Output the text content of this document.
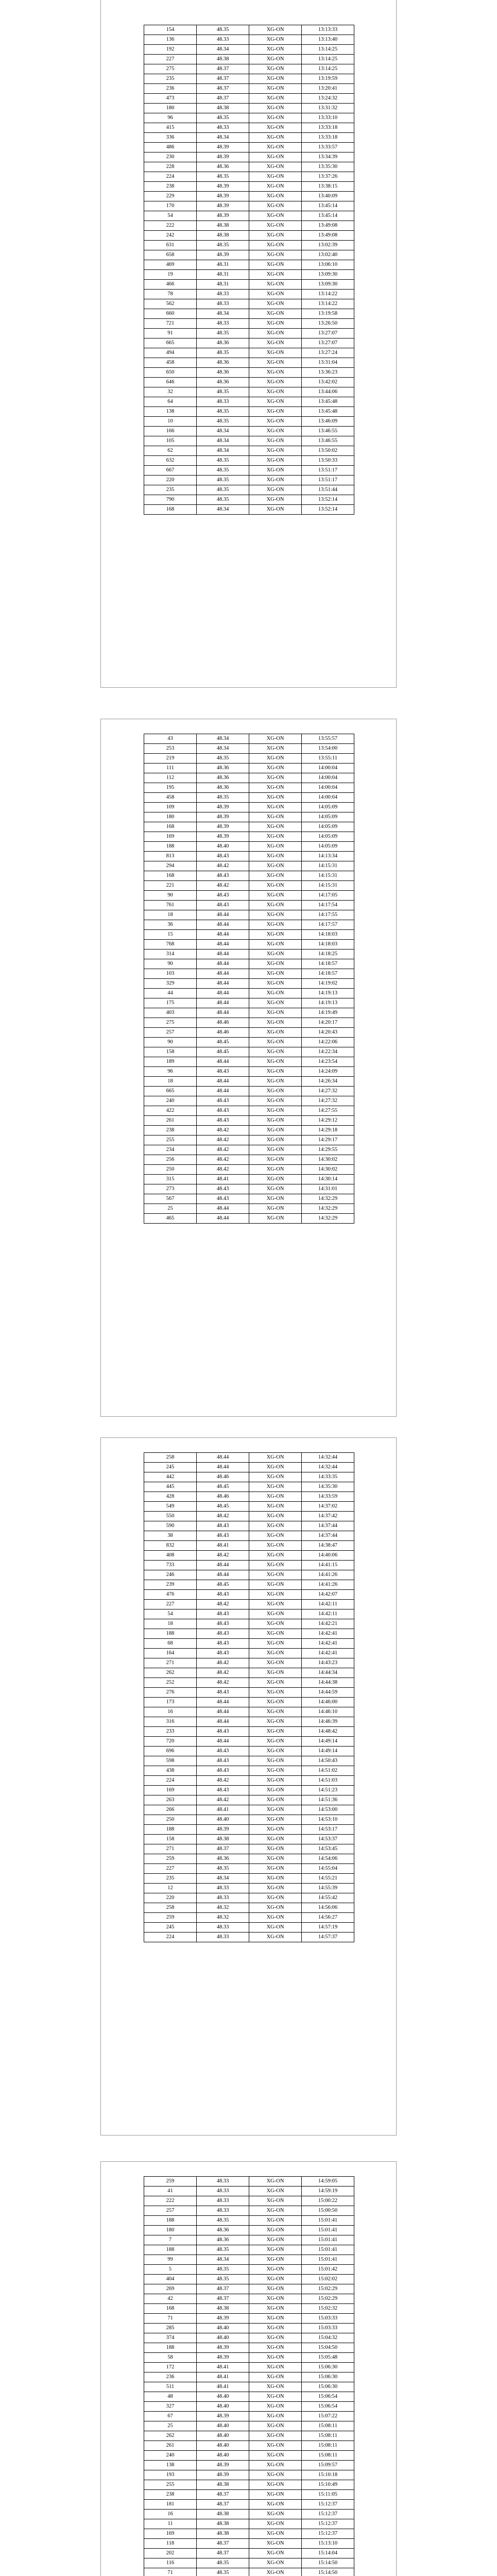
154	48.35	XG-ON	13:13:33
136	48.33	XG-ON	13:13:40
192	48.34	XG-ON	13:14:25
227	48.38	XG-ON	13:14:25
275	48.37	XG-ON	13:14:25
235	48.37	XG-ON	13:19:59
236	48.37	XG-ON	13:20:41
473	48.37	XG-ON	13:24:32
180	48.38	XG-ON	13:31:32
96	48.35	XG-ON	13:33:10
415	48.33	XG-ON	13:33:18
336	48.34	XG-ON	13:33:18
486	48.39	XG-ON	13:33:57
230	48.39	XG-ON	13:34:39
228	48.36	XG-ON	13:35:30
224	48.35	XG-ON	13:37:26
238	48.39	XG-ON	13:38:15
229	48.39	XG-ON	13:40:09
170	48.39	XG-ON	13:45:14
54	48.39	XG-ON	13:45:14
222	48.38	XG-ON	13:49:08
242	48.38	XG-ON	13:49:08
631	48.35	XG-ON	13:02:39
658	48.39	XG-ON	13:02:40
469	48.31	XG-ON	13:06:10
19	48.31	XG-ON	13:09:30
466	48.31	XG-ON	13:09:30
78	48.33	XG-ON	13:14:22
562	48.33	XG-ON	13:14:22
660	48.34	XG-ON	13:19:58
721	48.33	XG-ON	13:26:50
91	48.35	XG-ON	13:27:07
665	48.36	XG-ON	13:27:07
494	48.35	XG-ON	13:27:24
458	48.36	XG-ON	13:31:04
650	48.36	XG-ON	13:36:23
646	48.36	XG-ON	13:42:02
32	48.35	XG-ON	13:44:06
64	48.33	XG-ON	13:45:48
138	48.35	XG-ON	13:45:48
10	48.35	XG-ON	13:46:09
166	48.34	XG-ON	13:46:55
105	48.34	XG-ON	13:46:55
62	48.34	XG-ON	13:50:02
632	48.35	XG-ON	13:50:33
667	48.35	XG-ON	13:51:17
220	48.35	XG-ON	13:51:17
235	48.35	XG-ON	13:51:44
790	48.35	XG-ON	13:52:14
168	48.34	XG-ON	13:52:14
43	48.34	XG-ON	13:55:57
253	48.34	XG-ON	13:54:00
219	48.35	XG-ON	13:55:11
111	48.36	XG-ON	14:00:04
112	48.36	XG-ON	14:00:04
195	48.36	XG-ON	14:00:04
458	48.35	XG-ON	14:00:04
109	48.39	XG-ON	14:05:09
180	48.39	XG-ON	14:05:09
168	48.39	XG-ON	14:05:09
169	48.39	XG-ON	14:05:09
188	48.40	XG-ON	14:05:09
813	48.43	XG-ON	14:13:34
294	48.42	XG-ON	14:15:31
168	48.43	XG-ON	14:15:31
221	48.42	XG-ON	14:15:31
90	48.43	XG-ON	14:17:05
761	48.43	XG-ON	14:17:54
18	48.44	XG-ON	14:17:55
36	48.44	XG-ON	14:17:57
15	48.44	XG-ON	14:18:03
768	48.44	XG-ON	14:18:03
314	48.44	XG-ON	14:18:25
90	48.44	XG-ON	14:18:57
103	48.44	XG-ON	14:18:57
329	48.44	XG-ON	14:19:02
44	48.44	XG-ON	14:19:13
175	48.44	XG-ON	14:19:13
403	48.44	XG-ON	14:19:49
275	48.46	XG-ON	14:20:17
257	48.46	XG-ON	14:20:43
90	48.45	XG-ON	14:22:06
158	48.45	XG-ON	14:22:34
189	48.44	XG-ON	14:23:54
96	48.43	XG-ON	14:24:09
18	48.44	XG-ON	14:26:34
665	48.44	XG-ON	14:27:32
240	48.43	XG-ON	14:27:32
422	48.43	XG-ON	14:27:55
261	48.43	XG-ON	14:29:12
238	48.42	XG-ON	14:29:18
255	48.42	XG-ON	14:29:17
234	48.42	XG-ON	14:29:55
256	48.42	XG-ON	14:30:02
250	48.42	XG-ON	14:30:02
315	48.41	XG-ON	14:30:14
273	48.43	XG-ON	14:31:01
567	48.43	XG-ON	14:32:29
25	48.44	XG-ON	14:32:29
465	48.44	XG-ON	14:32:29
258	48.44	XG-ON	14:32:44
245	48.44	XG-ON	14:32:44
442	48.46	XG-ON	14:33:35
445	48.45	XG-ON	14:35:30
428	48.46	XG-ON	14:33:59
549	48.45	XG-ON	14:37:02
550	48.42	XG-ON	14:37:42
590	48.43	XG-ON	14:37:44
38	48.43	XG-ON	14:37:44
832	48.41	XG-ON	14:38:47
408	48.42	XG-ON	14:40:06
733	48.44	XG-ON	14:41:15
246	48.44	XG-ON	14:41:26
239	48.45	XG-ON	14:41:26
476	48.43	XG-ON	14:42:07
227	48.42	XG-ON	14:42:11
54	48.43	XG-ON	14:42:11
18	48.43	XG-ON	14:42:21
188	48.43	XG-ON	14:42:41
68	48.43	XG-ON	14:42:41
164	48.43	XG-ON	14:42:41
271	48.42	XG-ON	14:43:23
262	48.42	XG-ON	14:44:34
252	48.42	XG-ON	14:44:38
276	48.43	XG-ON	14:44:59
173	48.44	XG-ON	14:46:00
16	48.44	XG-ON	14:46:10
316	48.44	XG-ON	14:46:39
233	48.43	XG-ON	14:48:42
720	48.44	XG-ON	14:49:14
696	48.43	XG-ON	14:49:14
598	48.43	XG-ON	14:50:43
438	48.43	XG-ON	14:51:02
224	48.42	XG-ON	14:51:03
169	48.43	XG-ON	14:51:23
263	48.42	XG-ON	14:51:36
266	48.41	XG-ON	14:53:00
250	48.40	XG-ON	14:53:10
188	48.39	XG-ON	14:53:17
158	48.38	XG-ON	14:53:37
271	48.37	XG-ON	14:53:45
259	48.36	XG-ON	14:54:06
227	48.35	XG-ON	14:55:04
235	48.34	XG-ON	14:55:21
12	48.33	XG-ON	14:55:39
220	48.33	XG-ON	14:55:42
258	48.32	XG-ON	14:56:06
259	48.32	XG-ON	14:56:27
245	48.33	XG-ON	14:57:19
224	48.33	XG-ON	14:57:37
259	48.33	XG-ON	14:59:05
41	48.33	XG-ON	14:59:19
222	48.33	XG-ON	15:00:22
257	48.33	XG-ON	15:00:50
188	48.35	XG-ON	15:01:41
180	48.36	XG-ON	15:01:41
7	48.36	XG-ON	15:01:41
188	48.35	XG-ON	15:01:41
99	48.34	XG-ON	15:01:41
5	48.35	XG-ON	15:01:42
404	48.35	XG-ON	15:02:02
269	48.37	XG-ON	15:02:29
42	48.37	XG-ON	15:02:29
168	48.38	XG-ON	15:02:32
71	48.39	XG-ON	15:03:33
285	48.40	XG-ON	15:03:33
374	48.40	XG-ON	15:04:32
188	48.39	XG-ON	15:04:50
58	48.39	XG-ON	15:05:48
172	48.41	XG-ON	15:06:30
236	48.41	XG-ON	15:06:30
511	48.41	XG-ON	15:06:30
48	48.40	XG-ON	15:06:54
327	48.40	XG-ON	15:06:54
67	48.39	XG-ON	15:07:22
25	48.40	XG-ON	15:08:11
262	48.40	XG-ON	15:08:11
261	48.40	XG-ON	15:08:11
240	48.40	XG-ON	15:08:11
138	48.39	XG-ON	15:09:57
193	48.39	XG-ON	15:10:18
255	48.38	XG-ON	15:10:49
238	48.37	XG-ON	15:11:05
181	48.37	XG-ON	15:12:37
16	48.38	XG-ON	15:12:37
11	48.38	XG-ON	15:12:37
169	48.38	XG-ON	15:12:37
118	48.37	XG-ON	15:13:10
202	48.37	XG-ON	15:14:04
116	48.35	XG-ON	15:14:50
71	48.35	XG-ON	15:14:50
